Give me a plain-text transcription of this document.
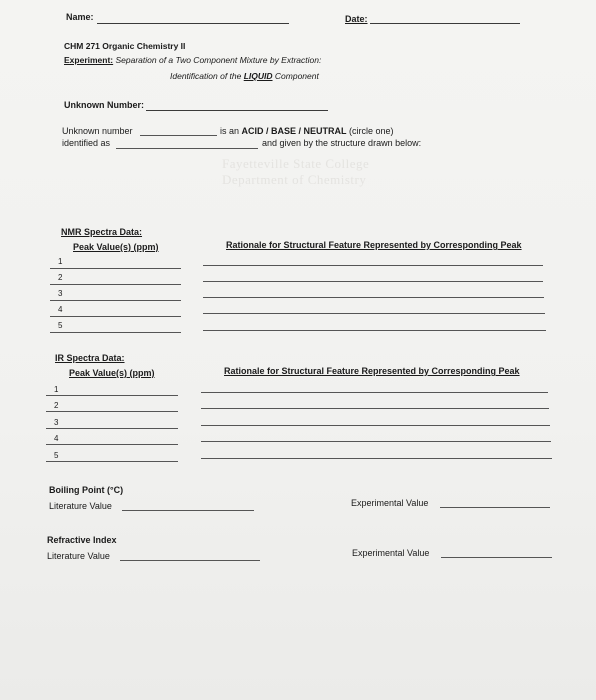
Fayetteville State College
Department of Chemistry
Name:	Date:
CHM 271 Organic Chemistry II
Experiment: Separation of a Two Component Mixture by Extraction:
Identification of the LIQUID Component
Unknown Number:
Unknown number
identified as
is an ACID / BASE / NEUTRAL (circle one)
and given by the structure drawn below:
NMR Spectra Data:
Peak Value(s) (ppm)	Rationale for Structural Feature Represented by Corresponding Peak
1
2
3
4
5
IR Spectra Data:
Peak Value(s) (ppm)	Rationale for Structural Feature Represented by Corresponding Peak
1
2
3
4
5
Boiling Point (°C)
Literature Value	Experimental Value
Refractive Index
Literature Value	Experimental Value
